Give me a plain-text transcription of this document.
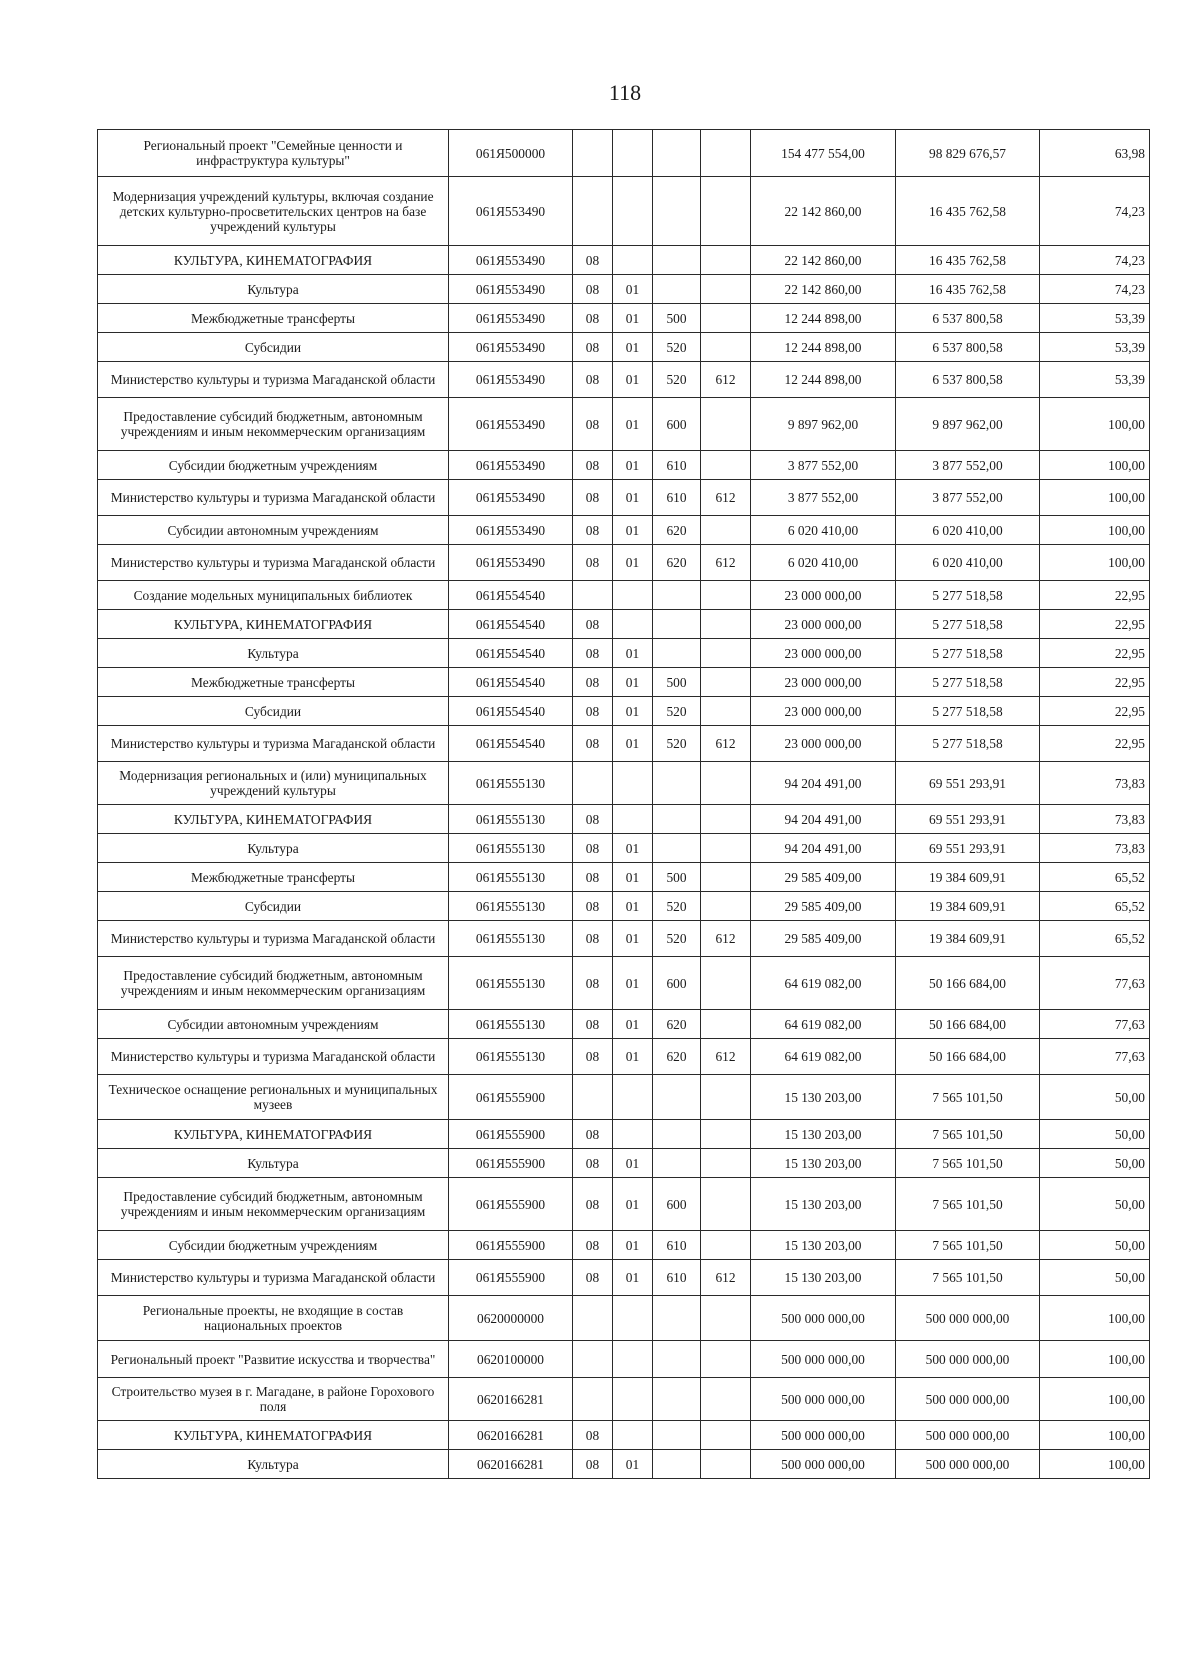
118
Региональный проект "Семейные ценности и инфраструктура культуры"	061Я500000					154 477 554,00	98 829 676,57	63,98
Модернизация учреждений культуры, включая создание детских культурно-просветительских центров на базе учреждений культуры	061Я553490					22 142 860,00	16 435 762,58	74,23
КУЛЬТУРА, КИНЕМАТОГРАФИЯ	061Я553490	08				22 142 860,00	16 435 762,58	74,23
Культура	061Я553490	08	01			22 142 860,00	16 435 762,58	74,23
Межбюджетные трансферты	061Я553490	08	01	500		12 244 898,00	6 537 800,58	53,39
Субсидии	061Я553490	08	01	520		12 244 898,00	6 537 800,58	53,39
Министерство культуры и туризма Магаданской области	061Я553490	08	01	520	612	12 244 898,00	6 537 800,58	53,39
Предоставление субсидий бюджетным, автономным учреждениям и иным некоммерческим организациям	061Я553490	08	01	600		9 897 962,00	9 897 962,00	100,00
Субсидии бюджетным учреждениям	061Я553490	08	01	610		3 877 552,00	3 877 552,00	100,00
Министерство культуры и туризма Магаданской области	061Я553490	08	01	610	612	3 877 552,00	3 877 552,00	100,00
Субсидии автономным учреждениям	061Я553490	08	01	620		6 020 410,00	6 020 410,00	100,00
Министерство культуры и туризма Магаданской области	061Я553490	08	01	620	612	6 020 410,00	6 020 410,00	100,00
Создание модельных муниципальных библиотек	061Я554540					23 000 000,00	5 277 518,58	22,95
КУЛЬТУРА, КИНЕМАТОГРАФИЯ	061Я554540	08				23 000 000,00	5 277 518,58	22,95
Культура	061Я554540	08	01			23 000 000,00	5 277 518,58	22,95
Межбюджетные трансферты	061Я554540	08	01	500		23 000 000,00	5 277 518,58	22,95
Субсидии	061Я554540	08	01	520		23 000 000,00	5 277 518,58	22,95
Министерство культуры и туризма Магаданской области	061Я554540	08	01	520	612	23 000 000,00	5 277 518,58	22,95
Модернизация региональных и (или) муниципальных учреждений культуры	061Я555130					94 204 491,00	69 551 293,91	73,83
КУЛЬТУРА, КИНЕМАТОГРАФИЯ	061Я555130	08				94 204 491,00	69 551 293,91	73,83
Культура	061Я555130	08	01			94 204 491,00	69 551 293,91	73,83
Межбюджетные трансферты	061Я555130	08	01	500		29 585 409,00	19 384 609,91	65,52
Субсидии	061Я555130	08	01	520		29 585 409,00	19 384 609,91	65,52
Министерство культуры и туризма Магаданской области	061Я555130	08	01	520	612	29 585 409,00	19 384 609,91	65,52
Предоставление субсидий бюджетным, автономным учреждениям и иным некоммерческим организациям	061Я555130	08	01	600		64 619 082,00	50 166 684,00	77,63
Субсидии автономным учреждениям	061Я555130	08	01	620		64 619 082,00	50 166 684,00	77,63
Министерство культуры и туризма Магаданской области	061Я555130	08	01	620	612	64 619 082,00	50 166 684,00	77,63
Техническое оснащение региональных и муниципальных музеев	061Я555900					15 130 203,00	7 565 101,50	50,00
КУЛЬТУРА, КИНЕМАТОГРАФИЯ	061Я555900	08				15 130 203,00	7 565 101,50	50,00
Культура	061Я555900	08	01			15 130 203,00	7 565 101,50	50,00
Предоставление субсидий бюджетным, автономным учреждениям и иным некоммерческим организациям	061Я555900	08	01	600		15 130 203,00	7 565 101,50	50,00
Субсидии бюджетным учреждениям	061Я555900	08	01	610		15 130 203,00	7 565 101,50	50,00
Министерство культуры и туризма Магаданской области	061Я555900	08	01	610	612	15 130 203,00	7 565 101,50	50,00
Региональные проекты, не входящие в состав национальных проектов	0620000000					500 000 000,00	500 000 000,00	100,00
Региональный проект "Развитие искусства и творчества"	0620100000					500 000 000,00	500 000 000,00	100,00
Строительство музея в г. Магадане, в районе Горохового поля	0620166281					500 000 000,00	500 000 000,00	100,00
КУЛЬТУРА, КИНЕМАТОГРАФИЯ	0620166281	08				500 000 000,00	500 000 000,00	100,00
Культура	0620166281	08	01			500 000 000,00	500 000 000,00	100,00
